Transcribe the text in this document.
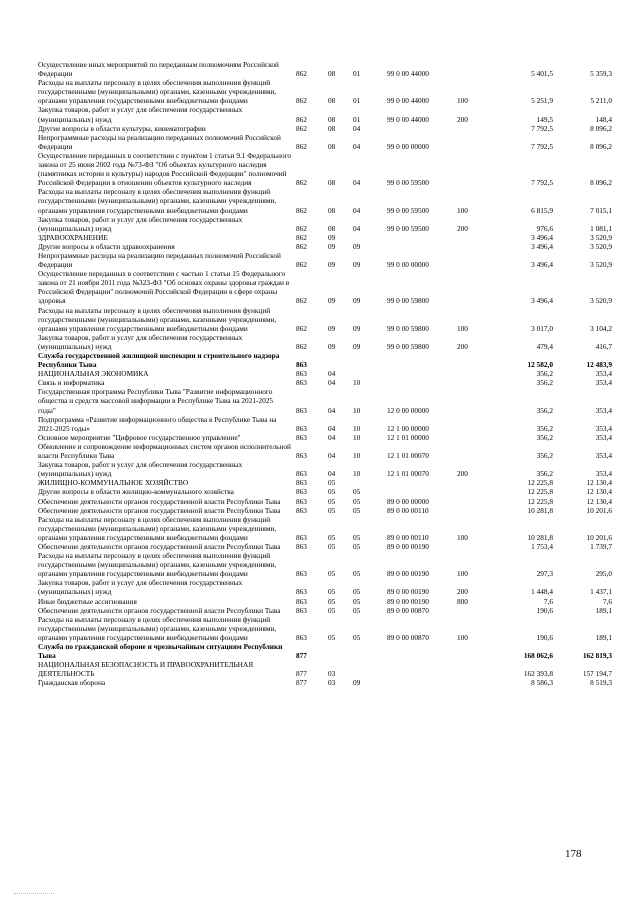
Осуществление иных мероприятий по переданным полномочиям Российской Федерации	862	08	01	99 0 00 44000	5 401,5	5 359,3
Расходы на выплаты персоналу в целях обеспечения выполнения функций государственными (муниципальными) органами, казенными учреждениями, органами управления государственными внебюджетными фондами	862	08	01	99 0 00 44000	100	5 251,9	5 211,0
Закупка товаров, работ и услуг для обеспечения государственных (муниципальных) нужд	862	08	01	99 0 00 44000	200	149,5	148,4
Другие вопросы в области культуры, кинематографии	862	08	04	7 792,5	8 096,2
Непрограммные расходы на реализацию переданных полномочий Российской Федерации	862	08	04	99 0 00 00000	7 792,5	8 096,2
Осуществление переданных в соответствии с пунктом 1 статьи 9.1 Федерального закона от 25 июня 2002 года №73-ФЗ "Об объектах культурного наследия (памятниках истории и культуры) народов Российской Федерации" полномочий Российской Федерации в отношении объектов культурного наследия	862	08	04	99 0 00 59500	7 792,5	8 096,2
Расходы на выплаты персоналу в целях обеспечения выполнения функций государственными (муниципальными) органами, казенными учреждениями, органами управления государственными внебюджетными фондами	862	08	04	99 0 00 59500	100	6 815,9	7 015,1
Закупка товаров, работ и услуг для обеспечения государственных (муниципальных) нужд	862	08	04	99 0 00 59500	200	976,6	1 081,1
ЗДРАВООХРАНЕНИЕ	862	09	3 496,4	3 520,9
Другие вопросы в области здравоохранения	862	09	09	3 496,4	3 520,9
Непрограммные расходы на реализацию переданных полномочий Российской Федерации	862	09	09	99 0 00 00000	3 496,4	3 520,9
Осуществление переданных в соответствии с частью 1 статьи 15 Федерального закона от 21 ноября 2011 года №323-ФЗ "Об основах охраны здоровья граждан в Российской Федерации" полномочий Российской Федерации в сфере охраны здоровья	862	09	09	99 0 00 59800	3 496,4	3 520,9
Расходы на выплаты персоналу в целях обеспечения выполнения функций государственными (муниципальными) органами, казенными учреждениями, органами управления государственными внебюджетными фондами	862	09	09	99 0 00 59800	100	3 017,0	3 104,2
Закупка товаров, работ и услуг для обеспечения государственных (муниципальных) нужд	862	09	09	99 0 00 59800	200	479,4	416,7
Служба государственной жилищной инспекции и строительного надзора Республики Тыва	863	12 582,0	12 483,9
НАЦИОНАЛЬНАЯ ЭКОНОМИКА	863	04	356,2	353,4
Связь и информатика	863	04	10	356,2	353,4
Государственная программа Республики Тыва "Развитие информационного общества и средств массовой информации в Республике Тыва на 2021-2025 годы"	863	04	10	12 0 00 00000	356,2	353,4
Подпрограмма «Развитие информационного общества в Республике Тыва на 2021-2025 годы»	863	04	10	12 1 00 00000	356,2	353,4
Основное мероприятие "Цифровое государственное управление"	863	04	10	12 1 01 00000	356,2	353,4
Обновление и сопровождение информационных систем органов исполнительной власти Республики Тыва	863	04	10	12 1 01 00070	356,2	353,4
Закупка товаров, работ и услуг для обеспечения государственных (муниципальных) нужд	863	04	10	12 1 01 00070	200	356,2	353,4
ЖИЛИЩНО-КОММУНАЛЬНОЕ ХОЗЯЙСТВО	863	05	12 225,8	12 130,4
Другие вопросы в области жилищно-коммунального хозяйства	863	05	05	12 225,8	12 130,4
Обеспечение деятельности органов государственной власти Республики Тыва	863	05	05	89 0 00 00000	12 225,8	12 130,4
Обеспечение деятельности органов государственной власти Республики Тыва	863	05	05	89 0 00 00110	10 281,8	10 201,6
Расходы на выплаты персоналу в целях обеспечения выполнения функций государственными (муниципальными) органами, казенными учреждениями, органами управления государственными внебюджетными фондами	863	05	05	89 0 00 00110	100	10 281,8	10 201,6
Обеспечение деятельности органов государственной власти Республики Тыва	863	05	05	89 0 00 00190	1 753,4	1 739,7
Расходы на выплаты персоналу в целях обеспечения выполнения функций государственными (муниципальными) органами, казенными учреждениями, органами управления государственными внебюджетными фондами	863	05	05	89 0 00 00190	100	297,3	295,0
Закупка товаров, работ и услуг для обеспечения государственных (муниципальных) нужд	863	05	05	89 0 00 00190	200	1 448,4	1 437,1
Иные бюджетные ассигнования	863	05	05	89 0 00 00190	800	7,6	7,6
Обеспечение деятельности органов государственной власти Республики Тыва	863	05	05	89 0 00 00870	190,6	189,1
Расходы на выплаты персоналу в целях обеспечения выполнения функций государственными (муниципальными) органами, казенными учреждениями, органами управления государственными внебюджетными фондами	863	05	05	89 0 00 00870	100	190,6	189,1
Служба по гражданской обороне и чрезвычайным ситуациям Республики Тыва	877	168 062,6	162 819,3
НАЦИОНАЛЬНАЯ БЕЗОПАСНОСТЬ И ПРАВООХРАНИТЕЛЬНАЯ ДЕЯТЕЛЬНОСТЬ	877	03	162 393,8	157 194,7
Гражданская оборона	877	03	09	8 586,3	8 519,3
178
